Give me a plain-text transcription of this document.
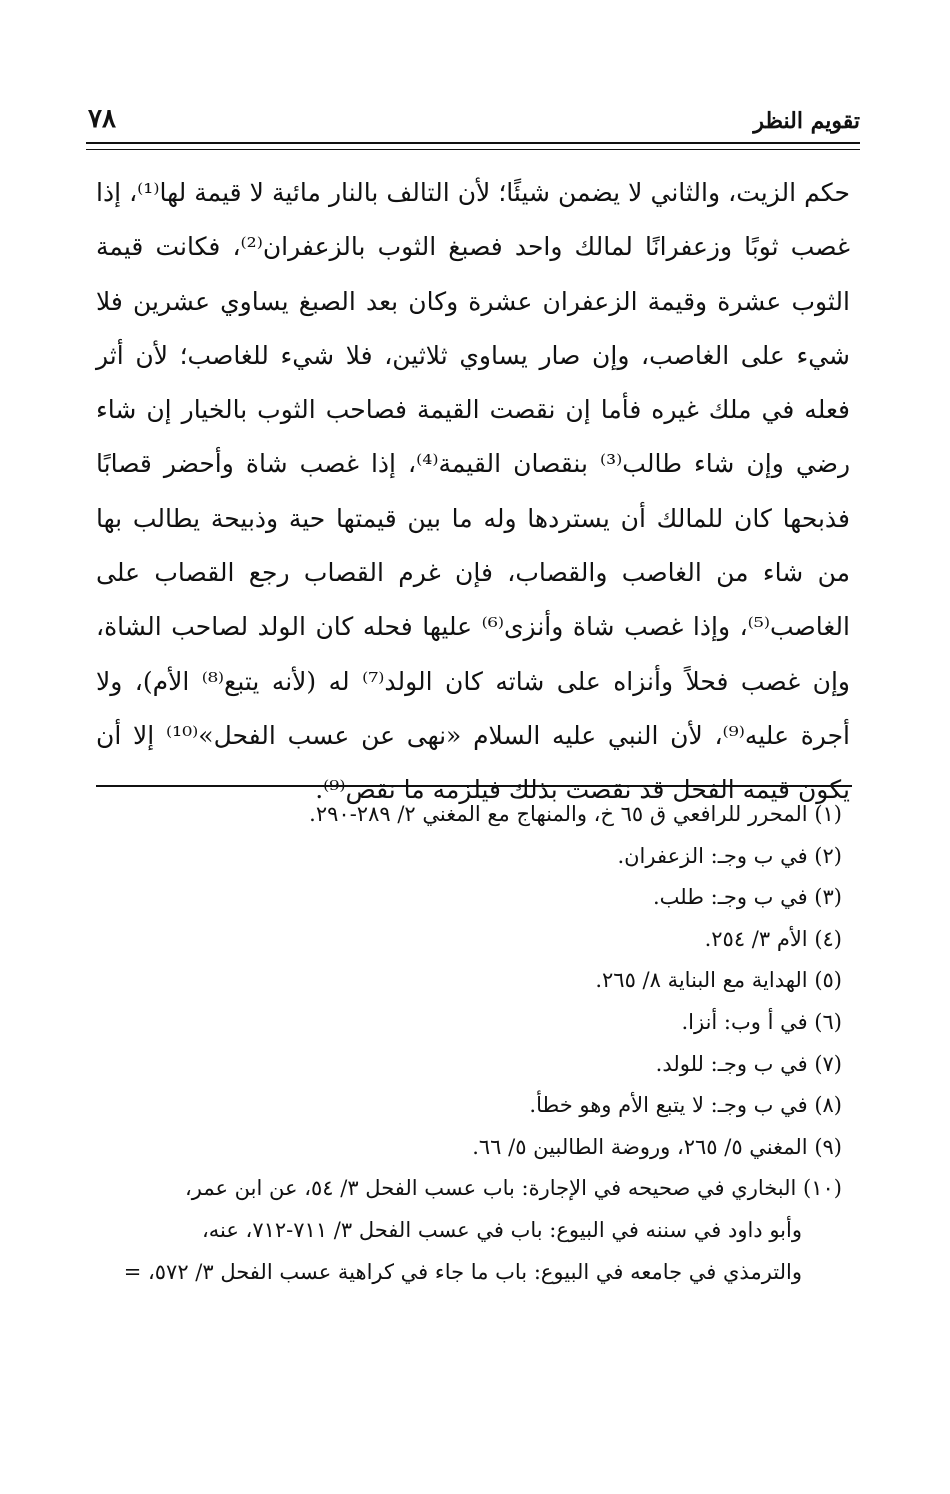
تقويم النظر
٧٨

حكم الزيت، والثاني لا يضمن شيئًا؛ لأن التالف بالنار مائية لا قيمة لها⁽¹⁾، إذا غصب ثوبًا وزعفرانًا لمالك واحد فصبغ الثوب بالزعفران⁽²⁾، فكانت قيمة الثوب عشرة وقيمة الزعفران عشرة وكان بعد الصبغ يساوي عشرين فلا شيء على الغاصب، وإن صار يساوي ثلاثين، فلا شيء للغاصب؛ لأن أثر فعله في ملك غيره فأما إن نقصت القيمة فصاحب الثوب بالخيار إن شاء رضي وإن شاء طالب⁽³⁾ بنقصان القيمة⁽⁴⁾، إذا غصب شاة وأحضر قصابًا فذبحها كان للمالك أن يستردها وله ما بين قيمتها حية وذبيحة يطالب بها من شاء من الغاصب والقصاب، فإن غرم القصاب رجع القصاب على الغاصب⁽⁵⁾، وإذا غصب شاة وأنزى⁽⁶⁾ عليها فحله كان الولد لصاحب الشاة، وإن غصب فحلاً وأنزاه على شاته كان الولد⁽⁷⁾ له (لأنه يتبع⁽⁸⁾ الأم)، ولا أجرة عليه⁽⁹⁾، لأن النبي عليه السلام «نهى عن عسب الفحل»⁽¹⁰⁾ إلا أن يكون قيمة الفحل قد نقصت بذلك فيلزمه ما نقص⁽⁹⁾.

(١) المحرر للرافعي ق ٦٥ خ، والمنهاج مع المغني ٢/ ٢٨٩-٢٩٠.
(٢) في ب وجـ: الزعفران.
(٣) في ب وجـ: طلب.
(٤) الأم ٣/ ٢٥٤.
(٥) الهداية مع البناية ٨/ ٢٦٥.
(٦) في أ وب: أنزا.
(٧) في ب وجـ: للولد.
(٨) في ب وجـ: لا يتبع الأم وهو خطأ.
(٩) المغني ٥/ ٢٦٥، وروضة الطالبين ٥/ ٦٦.
(١٠) البخاري في صحيحه في الإجارة: باب عسب الفحل ٣/ ٥٤، عن ابن عمر،
وأبو داود في سننه في البيوع: باب في عسب الفحل ٣/ ٧١١-٧١٢، عنه،
والترمذي في جامعه في البيوع: باب ما جاء في كراهية عسب الفحل ٣/ ٥٧٢، =
